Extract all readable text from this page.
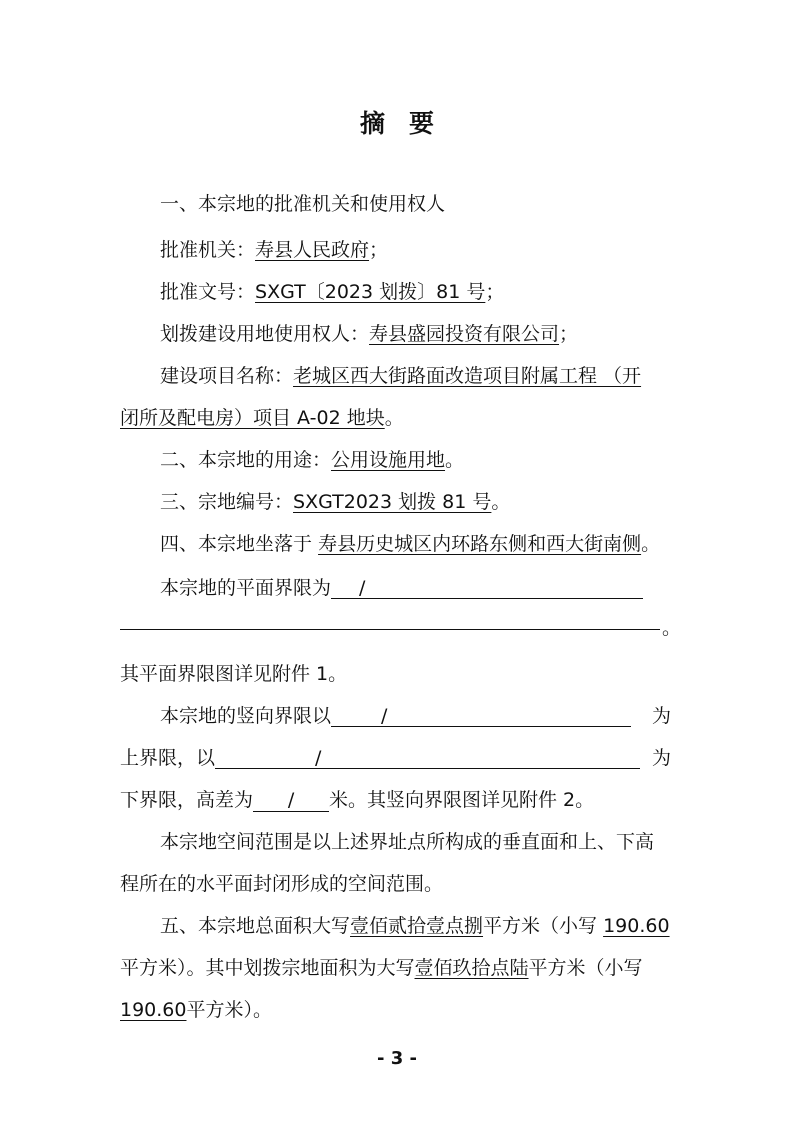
摘 要
一、本宗地的批准机关和使用权人
批准机关：寿县人民政府；
批准文号：SXGT〔2023 划拨〕81 号；
划拨建设用地使用权人：寿县盛园投资有限公司；
建设项目名称：老城区西大街路面改造项目附属工程 （开
闭所及配电房）项目 A-02 地块。
二、本宗地的用途：公用设施用地。
三、宗地编号：SXGT2023 划拨 81 号。
四、本宗地坐落于 寿县历史城区内环路东侧和西大街南侧。
本宗地的平面界限为 /
。
其平面界限图详见附件 1。
本宗地的竖向界限以	/	为
上界限，以	/	为
下界限，高差为 / 米。其竖向界限图详见附件 2。
本宗地空间范围是以上述界址点所构成的垂直面和上、下高
程所在的水平面封闭形成的空间范围。
五、本宗地总面积大写壹佰贰拾壹点捌平方米（小写 190.60
平方米）。其中划拨宗地面积为大写壹佰玖拾点陆平方米（小写
190.60平方米）。
- 3 -
